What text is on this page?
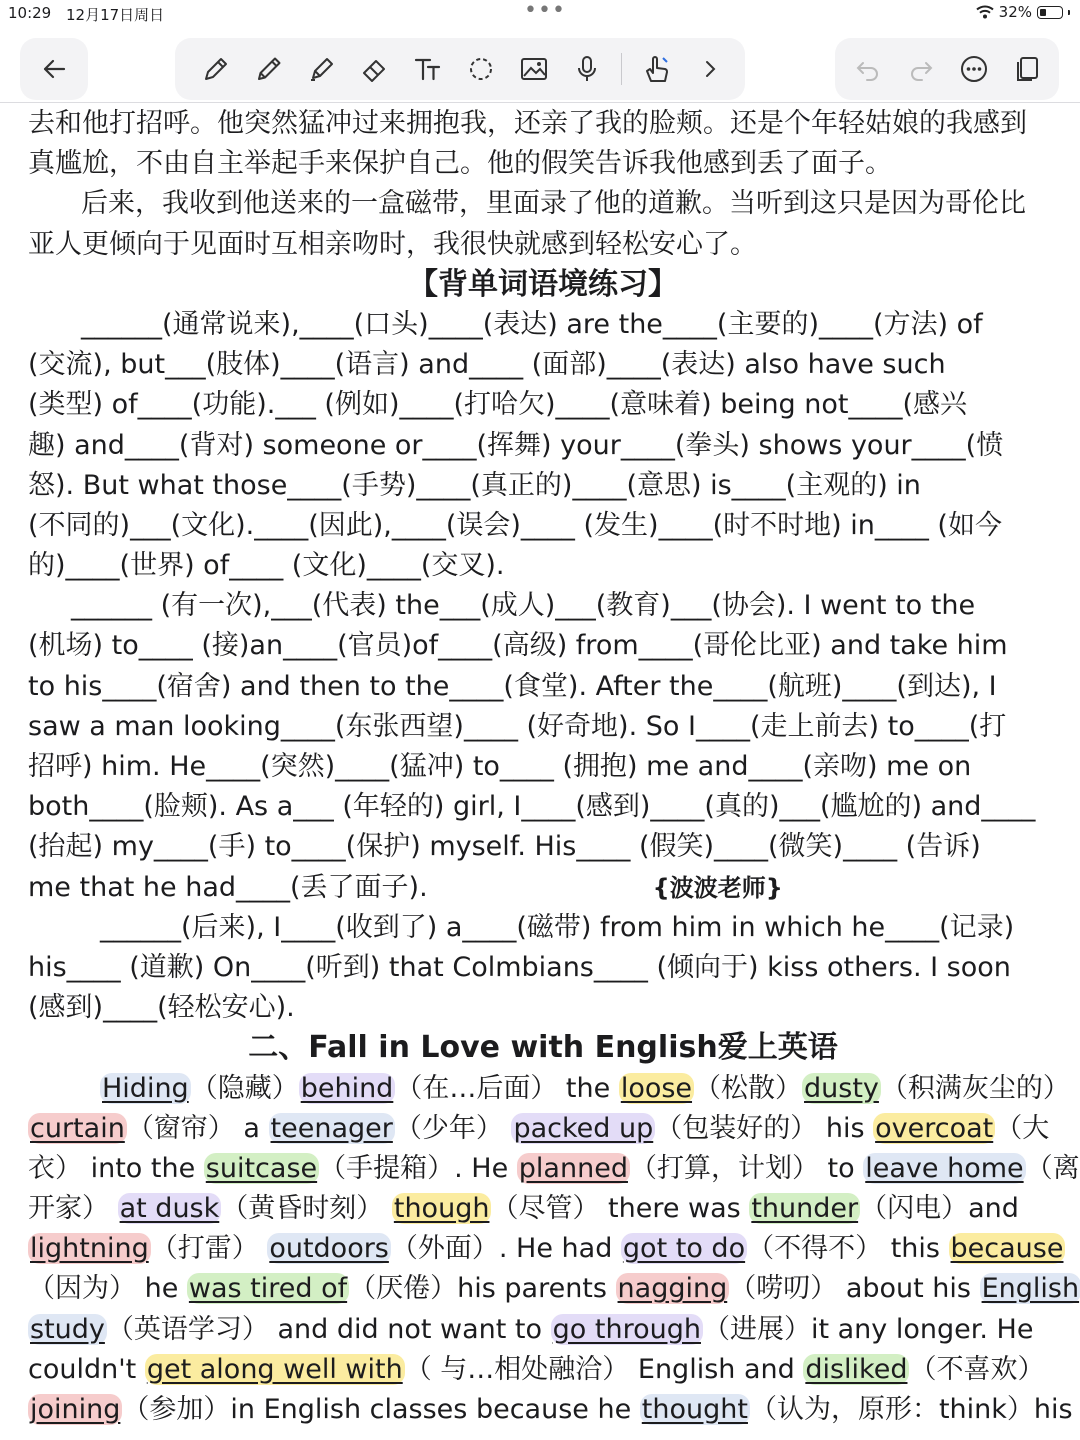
10:29 12月17日周日	•••	32%
去和他打招呼。他突然猛冲过来拥抱我，还亲了我的脸颊。还是个年轻姑娘的我感到
真尴尬，不由自主举起手来保护自己。他的假笑告诉我他感到丢了面子。
后来，我收到他送来的一盒磁带，里面录了他的道歉。当听到这只是因为哥伦比
亚人更倾向于见面时互相亲吻时，我很快就感到轻松安心了。
【背单词语境练习】
______(通常说来),____(口头)____(表达) are the____(主要的)____(方法) of
(交流), but___(肢体)____(语言) and____ (面部)____(表达) also have such
(类型) of____(功能).___ (例如)____(打哈欠)____(意味着) being not____(感兴
趣) and____(背对) someone or____(挥舞) your____(拳头) shows your____(愤
怒). But what those____(手势)____(真正的)____(意思) is____(主观的) in
(不同的)___(文化).____(因此),____(误会)____ (发生)____(时不时地) in____ (如今
的)____(世界) of____ (文化)____(交叉).
______ (有一次),___(代表) the___(成人)___(教育)___(协会). I went to the
(机场) to____ (接)an____(官员)of____(高级) from____(哥伦比亚) and take him
to his____(宿舍) and then to the____(食堂). After the____(航班)____(到达), I
saw a man looking____(东张西望)____ (好奇地). So I____(走上前去) to____(打
招呼) him. He____(突然)____(猛冲) to____ (拥抱) me and____(亲吻) me on
both____(脸颊). As a___ (年轻的) girl, I____(感到)____(真的)___(尴尬的) and____
(抬起) my____(手) to____(保护) myself. His____ (假笑)____(微笑)____ (告诉)
me that he had____(丢了面子).	{波波老师}
______(后来), I____(收到了) a____(磁带) from him in which he____(记录)
his____ (道歉) On____(听到) that Colmbians____ (倾向于) kiss others. I soon
(感到)____(轻松安心).
二、Fall in Love with English爱上英语
Hiding（隐藏）behind（在…后面） the loose（松散）dusty（积满灰尘的）
curtain（窗帘） a teenager（少年） packed up（包装好的） his overcoat（大
衣） into the suitcase（手提箱）. He planned（打算，计划） to leave home（离
开家） at dusk（黄昏时刻） though（尽管） there was thunder（闪电）and
lightning（打雷） outdoors（外面）. He had got to do（不得不） this because
（因为） he was tired of（厌倦）his parents nagging（唠叨） about his English
study（英语学习） and did not want to go through（进展）it any longer. He
couldn't get along well with（ 与…相处融洽） English and disliked（不喜欢）
joining（参加）in English classes because he thought（认为，原形：think）his
